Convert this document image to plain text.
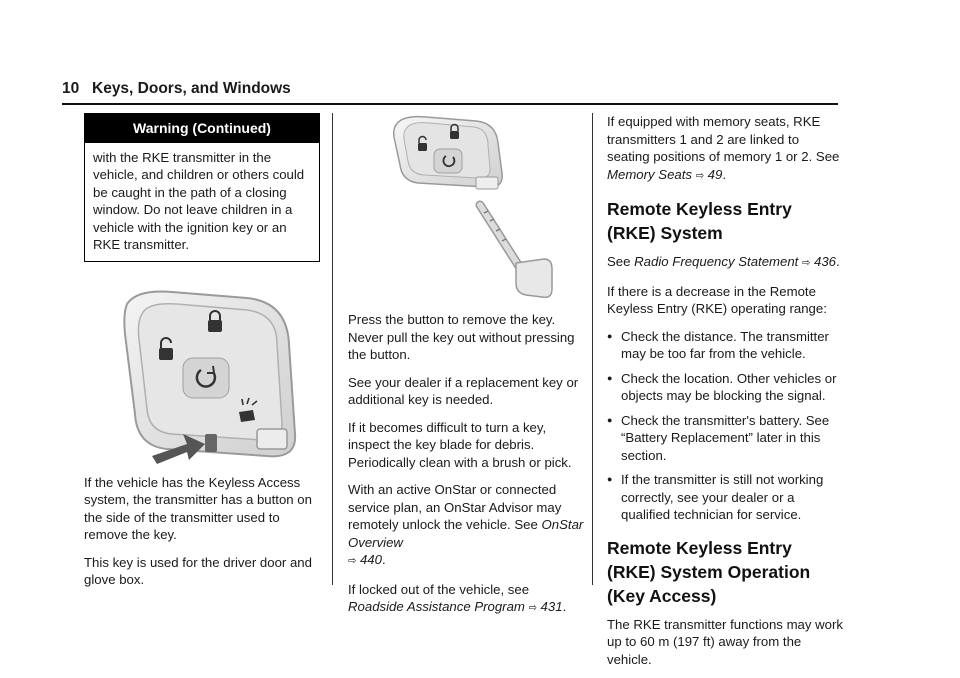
10 Keys, Doors, and Windows
Warning (Continued)
with the RKE transmitter in the vehicle, and children or others could be caught in the path of a closing window. Do not leave children in a vehicle with the ignition key or an RKE transmitter.

If the vehicle has the Keyless Access system, the transmitter has a button on the side of the transmitter used to remove the key.

This key is used for the driver door and glove box.

Press the button to remove the key. Never pull the key out without pressing the button.

See your dealer if a replacement key or additional key is needed.

If it becomes difficult to turn a key, inspect the key blade for debris. Periodically clean with a brush or pick.

With an active OnStar or connected service plan, an OnStar Advisor may remotely unlock the vehicle. See OnStar Overview
⇨ 440.

If locked out of the vehicle, see Roadside Assistance Program ⇨ 431.

If equipped with memory seats, RKE transmitters 1 and 2 are linked to seating positions of memory 1 or 2. See Memory Seats ⇨ 49.

Remote Keyless Entry (RKE) System

See Radio Frequency Statement ⇨ 436.

If there is a decrease in the Remote Keyless Entry (RKE) operating range:

● Check the distance. The transmitter may be too far from the vehicle.
● Check the location. Other vehicles or objects may be blocking the signal.
● Check the transmitter's battery. See “Battery Replacement” later in this section.
● If the transmitter is still not working correctly, see your dealer or a qualified technician for service.
Remote Keyless Entry (RKE) System Operation (Key Access)

The RKE transmitter functions may work up to 60 m (197 ft) away from the vehicle.
